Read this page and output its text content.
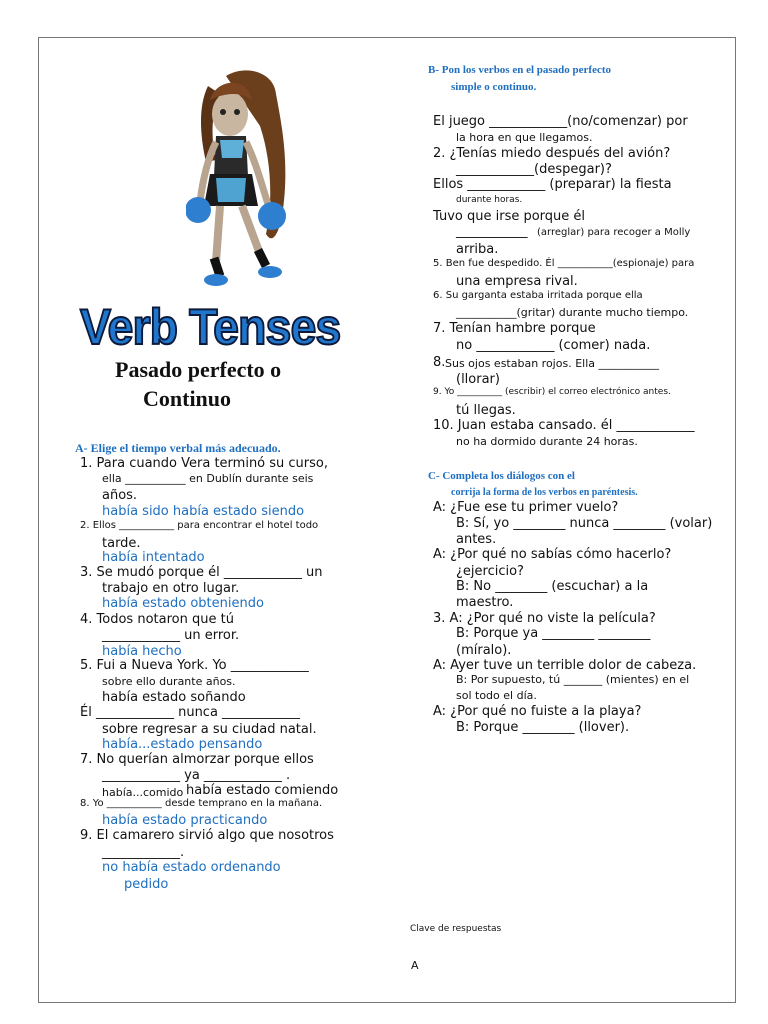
Verb Tenses
Pasado perfecto o
Continuo
A- Elige el tiempo verbal más adecuado.
1. Para cuando Vera terminó su curso,
ella ___________ en Dublín durante seis
años.
había sido había estado siendo
2. Ellos ___________ para encontrar el hotel todo
tarde.
había intentado
3. Se mudó porque él ____________ un
trabajo en otro lugar.
había estado obteniendo
4. Todos notaron que tú
____________ un error.
había hecho
5. Fui a Nueva York. Yo ____________
sobre ello durante años.
había estado soñando
Él ____________ nunca ____________
sobre regresar a su ciudad natal.
había...estado pensando
7. No querían almorzar porque ellos
____________ ya ____________ .
había...comido había estado comiendo
8. Yo ___________ desde temprano en la mañana.
había estado practicando
9. El camarero sirvió algo que nosotros
____________.
no había estado ordenando
pedido
B- Pon los verbos en el pasado perfecto
simple o continuo.
El juego ____________(no/comenzar) por
la hora en que llegamos.
2. ¿Tenías miedo después del avión?
____________(despegar)?
Ellos ____________ (preparar) la fiesta
durante horas.
Tuvo que irse porque él
___________ (arreglar) para recoger a Molly
arriba.
5. Ben fue despedido. Él ___________(espionaje) para
una empresa rival.
6. Su garganta estaba irritada porque ella
___________(gritar) durante mucho tiempo.
7. Tenían hambre porque
no ____________ (comer) nada.
8. Sus ojos estaban rojos. Ella ___________
(llorar)
9. Yo __________ (escribir) el correo electrónico antes.
tú llegas.
10. Juan estaba cansado. él ____________
no ha dormido durante 24 horas.
C- Completa los diálogos con el
corrija la forma de los verbos en paréntesis.
A: ¿Fue ese tu primer vuelo?
B: Sí, yo ________ nunca ________ (volar)
antes.
A: ¿Por qué no sabías cómo hacerlo?
¿ejercicio?
B: No ________ (escuchar) a la
maestro.
3. A: ¿Por qué no viste la película?
B: Porque ya ________ ________
(míralo).
A: Ayer tuve un terrible dolor de cabeza.
B: Por supuesto, tú _______ (mientes) en el
sol todo el día.
A: ¿Por qué no fuiste a la playa?
B: Porque ________ (llover).
Clave de respuestas
A
